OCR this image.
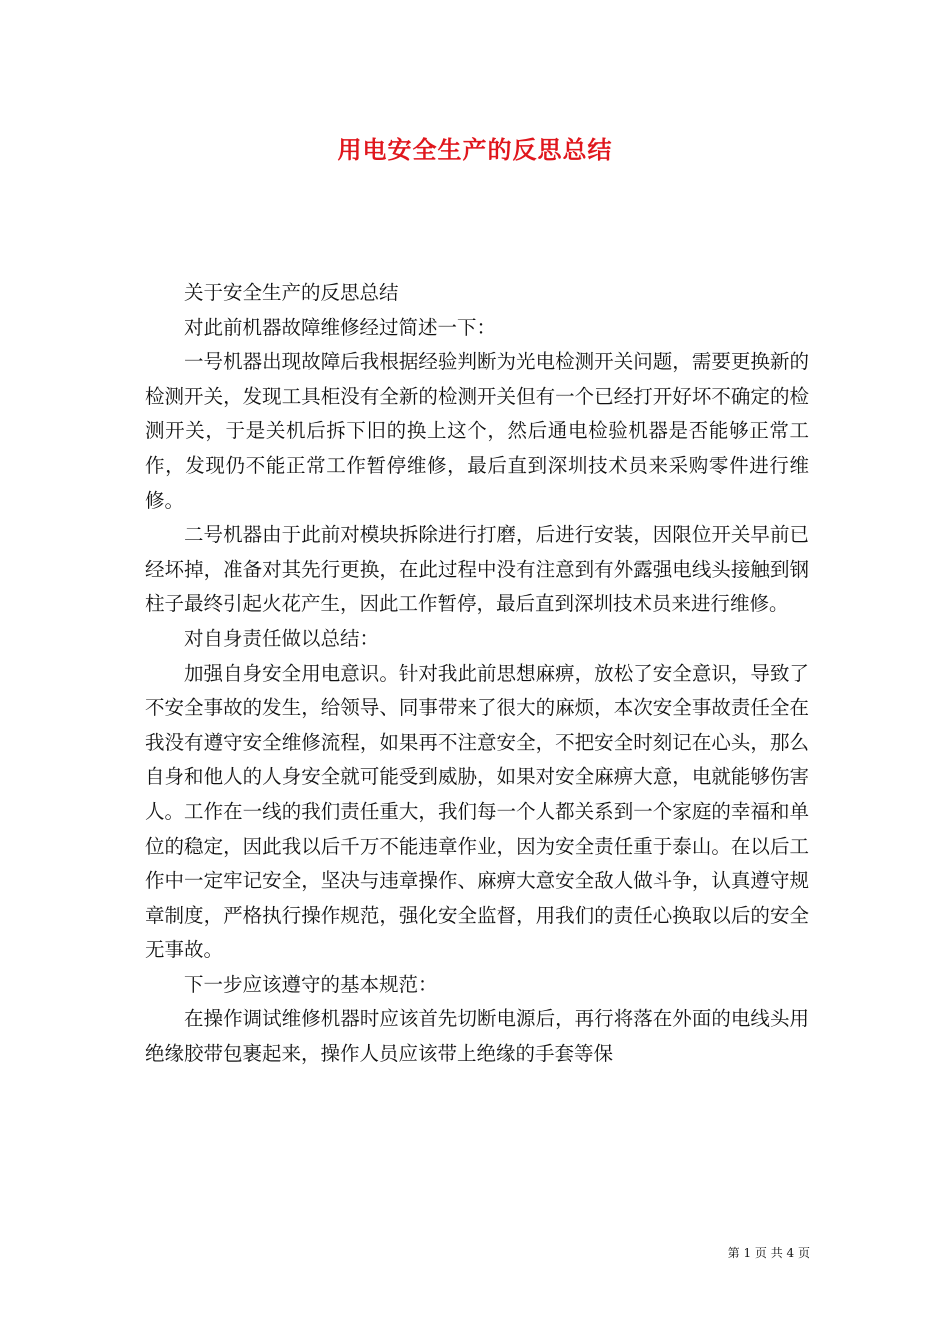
用电安全生产的反思总结

关于安全生产的反思总结

对此前机器故障维修经过简述一下：

一号机器出现故障后我根据经验判断为光电检测开关问题，需要更换新的检测开关，发现工具柜没有全新的检测开关但有一个已经打开好坏不确定的检测开关，于是关机后拆下旧的换上这个，然后通电检验机器是否能够正常工作，发现仍不能正常工作暂停维修，最后直到深圳技术员来采购零件进行维修。

二号机器由于此前对模块拆除进行打磨，后进行安装，因限位开关早前已经坏掉，准备对其先行更换，在此过程中没有注意到有外露强电线头接触到钢柱子最终引起火花产生，因此工作暂停，最后直到深圳技术员来进行维修。

对自身责任做以总结：

加强自身安全用电意识。针对我此前思想麻痹，放松了安全意识，导致了不安全事故的发生，给领导、同事带来了很大的麻烦，本次安全事故责任全在我没有遵守安全维修流程，如果再不注意安全，不把安全时刻记在心头，那么自身和他人的人身安全就可能受到威胁，如果对安全麻痹大意，电就能够伤害人。工作在一线的我们责任重大，我们每一个人都关系到一个家庭的幸福和单位的稳定，因此我以后千万不能违章作业，因为安全责任重于泰山。在以后工作中一定牢记安全，坚决与违章操作、麻痹大意安全敌人做斗争，认真遵守规章制度，严格执行操作规范，强化安全监督，用我们的责任心换取以后的安全无事故。

下一步应该遵守的基本规范：

在操作调试维修机器时应该首先切断电源后，再行将落在外面的电线头用绝缘胶带包裹起来，操作人员应该带上绝缘的手套等保

第 1 页 共 4 页
